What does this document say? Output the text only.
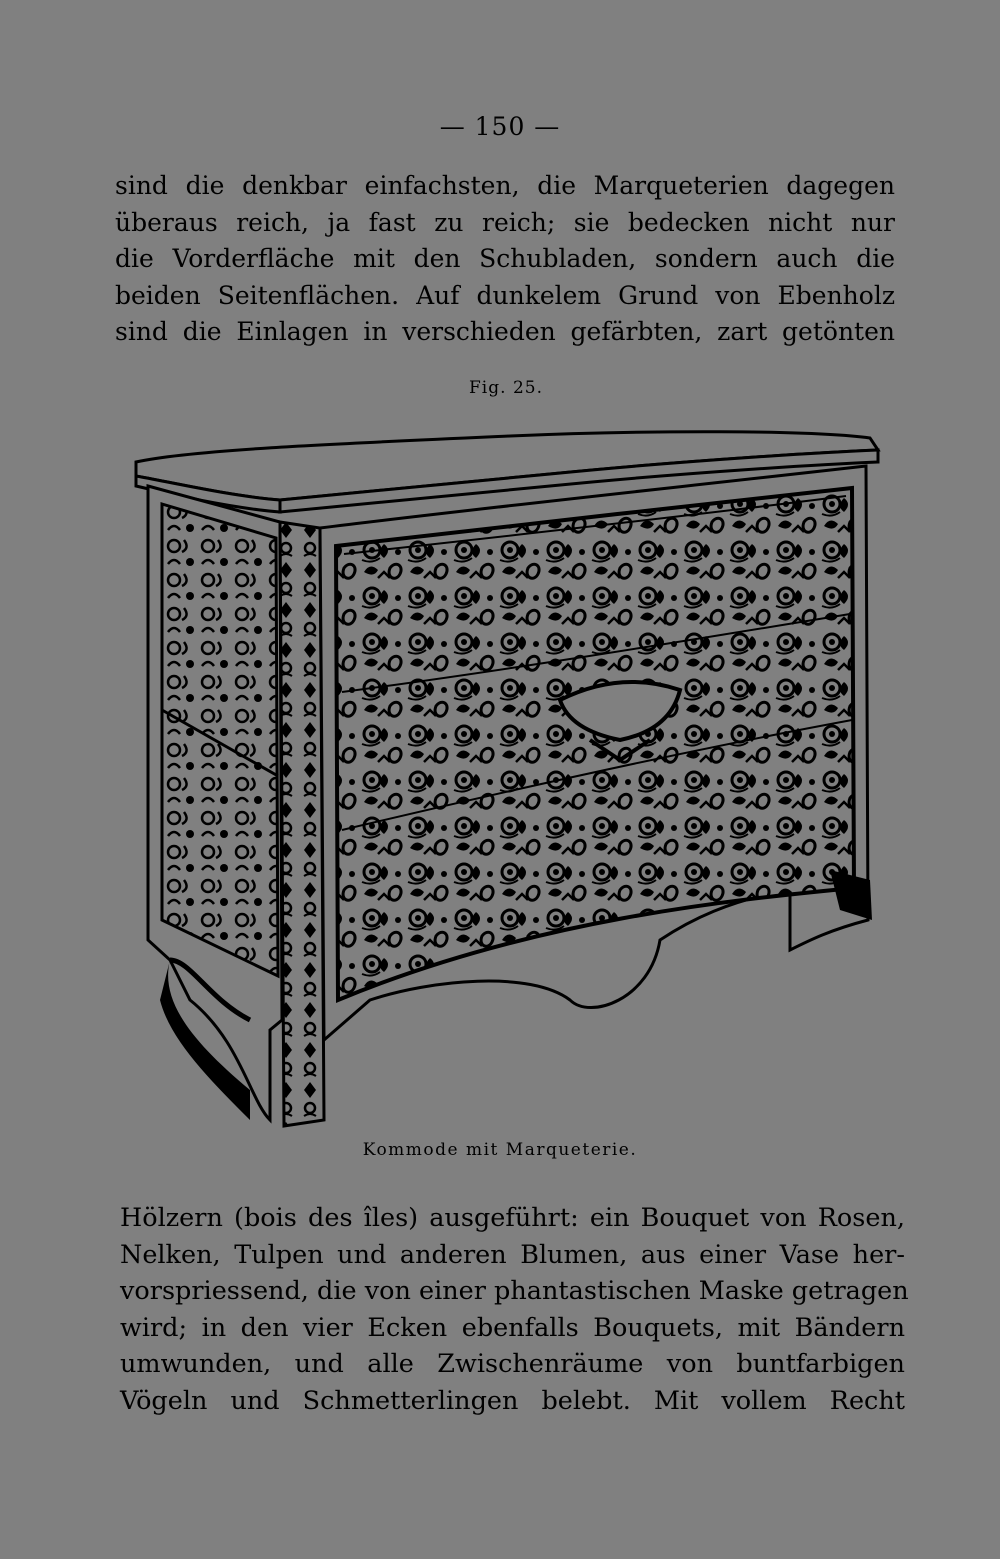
— 150 —
sind die denkbar einfachsten, die Marqueterien dagegen
überaus reich, ja fast zu reich; sie bedecken nicht nur
die Vorderfläche mit den Schubladen, sondern auch die
beiden Seitenflächen. Auf dunkelem Grund von Ebenholz
sind die Einlagen in verschieden gefärbten, zart getönten
Fig. 25.
Kommode mit Marqueterie.
Hölzern (bois des îles) ausgeführt: ein Bouquet von Rosen,
Nelken, Tulpen und anderen Blumen, aus einer Vase her-
vorspriessend, die von einer phantastischen Maske getragen
wird; in den vier Ecken ebenfalls Bouquets, mit Bändern
umwunden, und alle Zwischenräume von buntfarbigen
Vögeln und Schmetterlingen belebt. Mit vollem Recht
